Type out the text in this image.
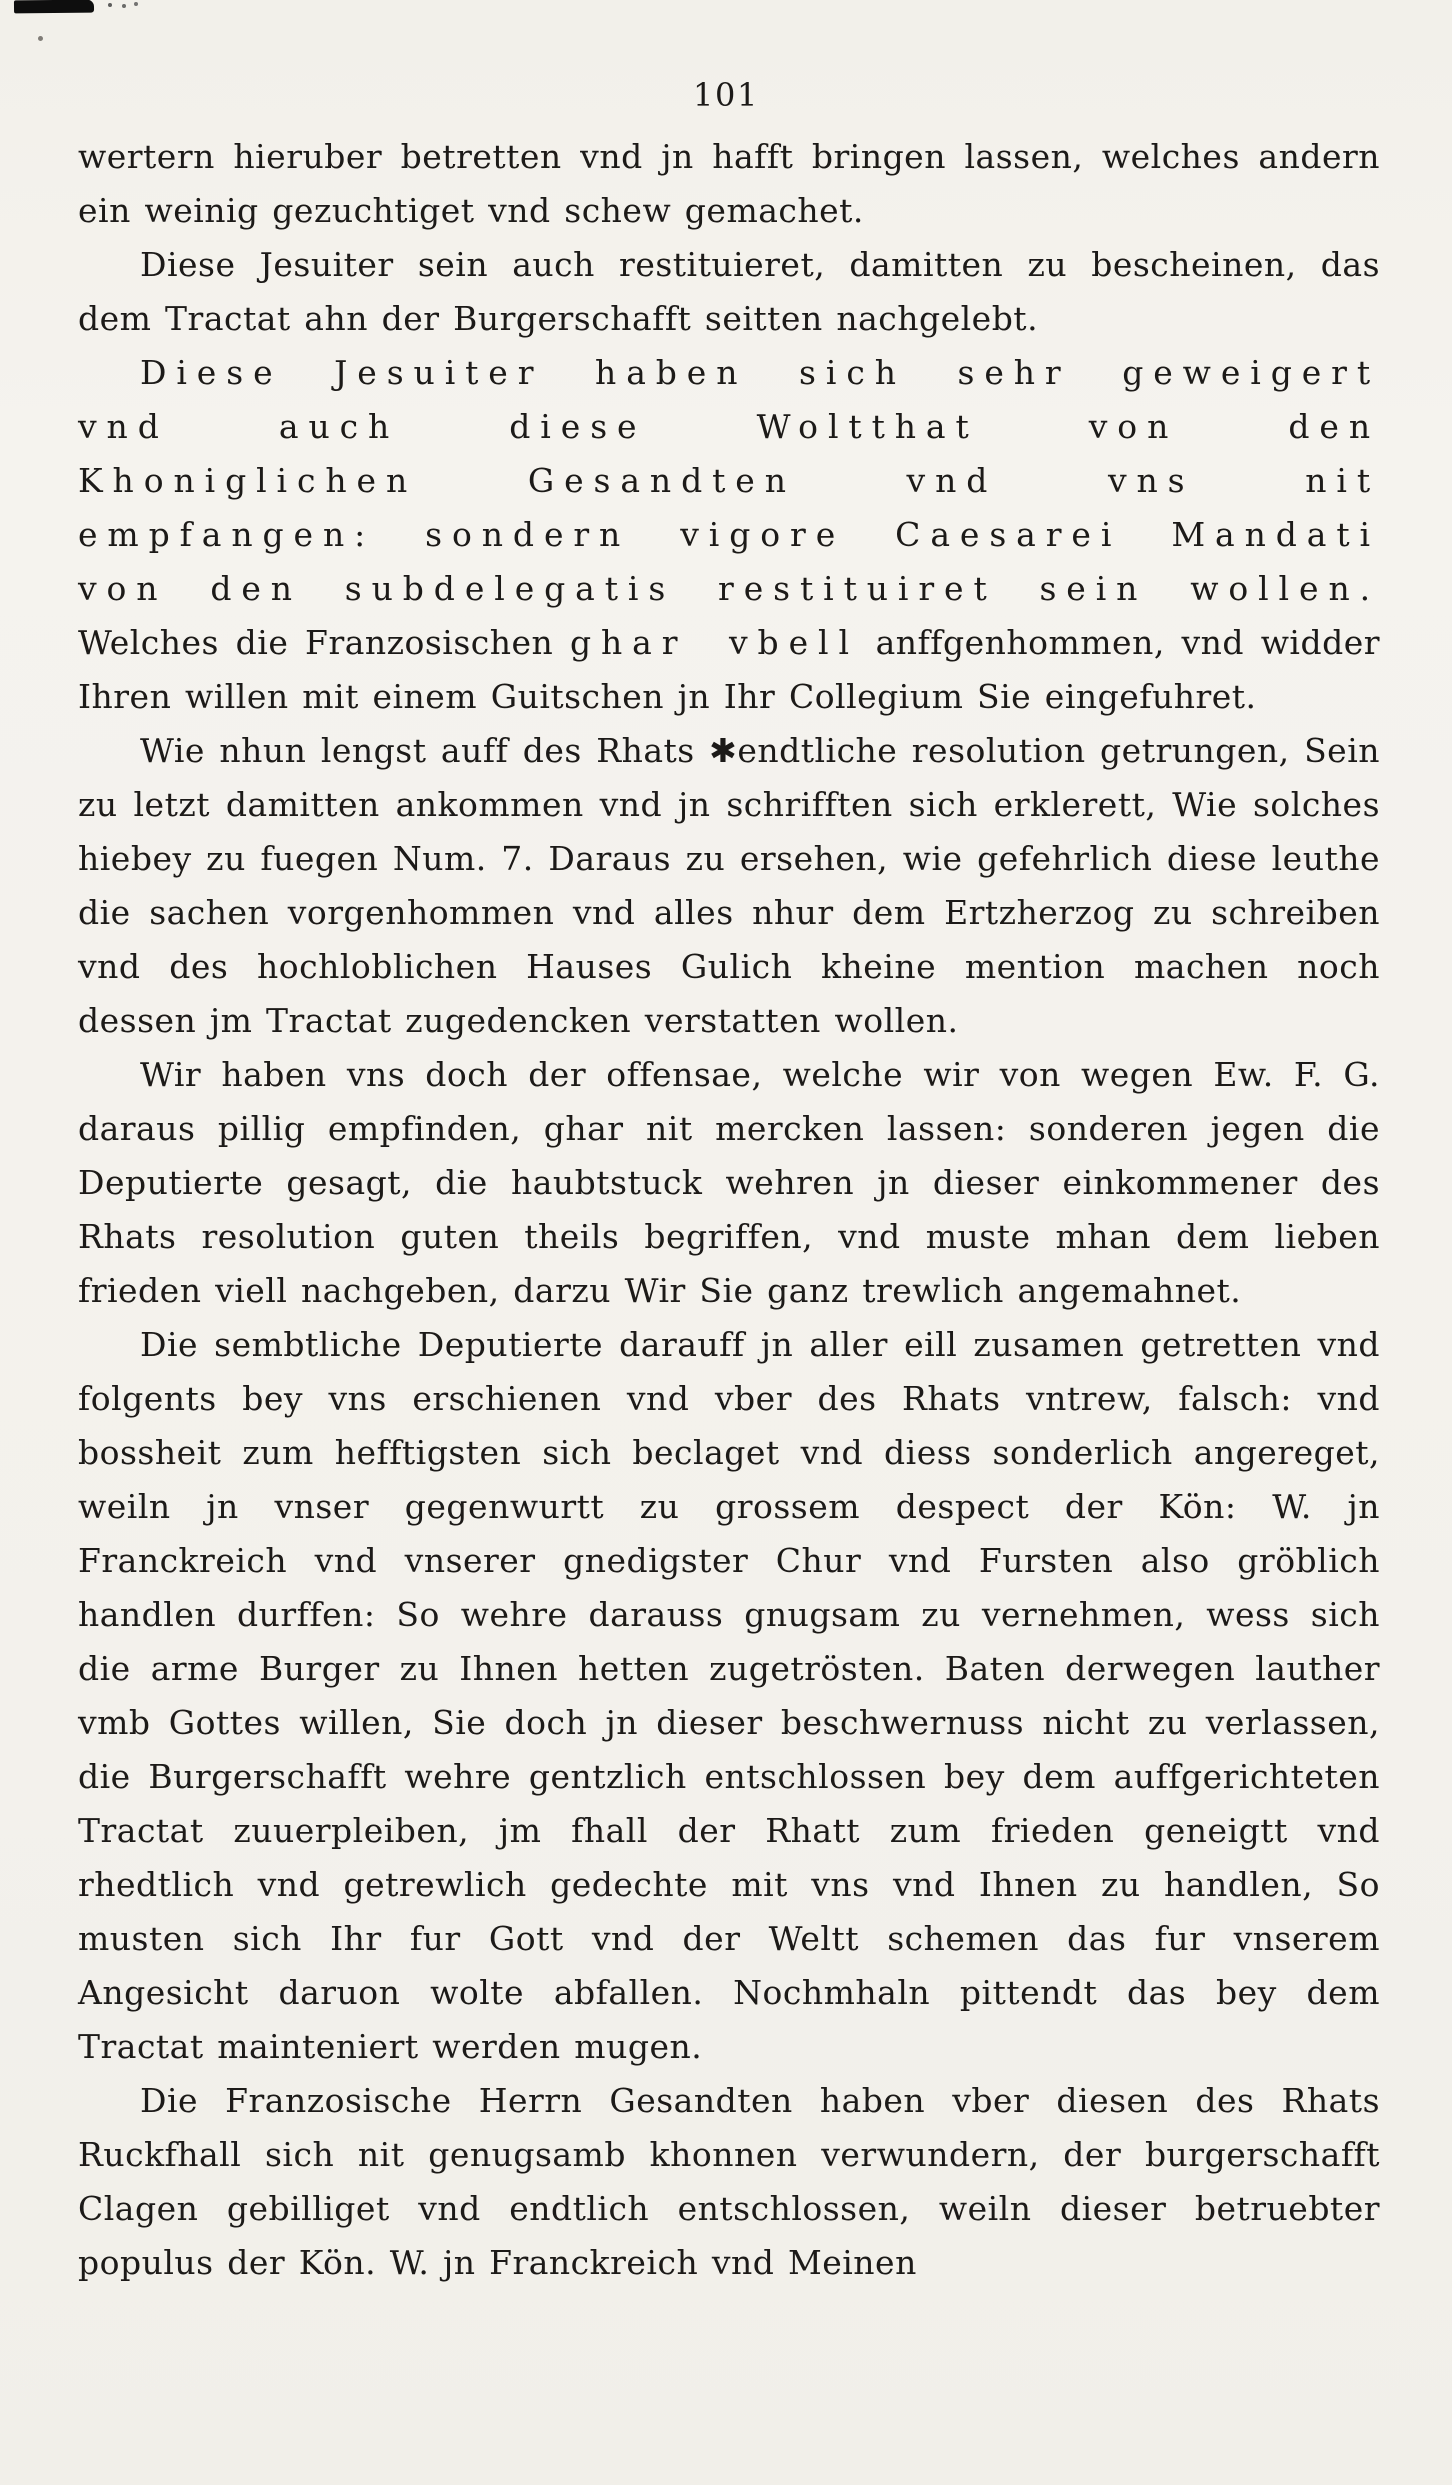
101

wertern hieruber betretten vnd jn hafft bringen lassen, welches andern ein weinig gezuchtiget vnd schew gemachet.

Diese Jesuiter sein auch restituieret, damitten zu bescheinen, das dem Tractat ahn der Burgerschafft seitten nachgelebt.

Diese Jesuiter haben sich sehr geweigert vnd auch diese Woltthat von den Khoniglichen Gesandten vnd vns nit empfangen: sondern vigore Caesarei Mandati von den subdelegatis restituiret sein wollen. Welches die Franzosischen ghar vbell anffgenhommen, vnd widder Ihren willen mit einem Guitschen jn Ihr Collegium Sie eingefuhret.

Wie nhun lengst auff des Rhats ✱endtliche resolution getrungen, Sein zu letzt damitten ankommen vnd jn schrifften sich erklerett, Wie solches hiebey zu fuegen Num. 7. Daraus zu ersehen, wie gefehrlich diese leuthe die sachen vorgenhommen vnd alles nhur dem Ertzherzog zu schreiben vnd des hochloblichen Hauses Gulich kheine mention machen noch dessen jm Tractat zugedencken verstatten wollen.

Wir haben vns doch der offensae, welche wir von wegen Ew. F. G. daraus pillig empfinden, ghar nit mercken lassen: sonderen jegen die Deputierte gesagt, die haubtstuck wehren jn dieser einkommener des Rhats resolution guten theils begriffen, vnd muste mhan dem lieben frieden viell nachgeben, darzu Wir Sie ganz trewlich angemahnet.

Die sembtliche Deputierte darauff jn aller eill zusamen getretten vnd folgents bey vns erschienen vnd vber des Rhats vntrew, falsch: vnd bossheit zum hefftigsten sich beclaget vnd diess sonderlich angereget, weiln jn vnser gegenwurtt zu grossem despect der Kön: W. jn Franckreich vnd vnserer gnedigster Chur vnd Fursten also gröblich handlen durffen: So wehre darauss gnugsam zu vernehmen, wess sich die arme Burger zu Ihnen hetten zugetrösten. Baten derwegen lauther vmb Gottes willen, Sie doch jn dieser beschwernuss nicht zu verlassen, die Burgerschafft wehre gentzlich entschlossen bey dem auffgerichteten Tractat zuuerpleiben, jm fhall der Rhatt zum frieden geneigtt vnd rhedtlich vnd getrewlich gedechte mit vns vnd Ihnen zu handlen, So musten sich Ihr fur Gott vnd der Weltt schemen das fur vnserem Angesicht daruon wolte abfallen. Nochmhaln pittendt das bey dem Tractat mainteniert werden mugen.

Die Franzosische Herrn Gesandten haben vber diesen des Rhats Ruckfhall sich nit genugsamb khonnen verwundern, der burgerschafft Clagen gebilliget vnd endtlich entschlossen, weiln dieser betruebter populus der Kön. W. jn Franckreich vnd Meinen
